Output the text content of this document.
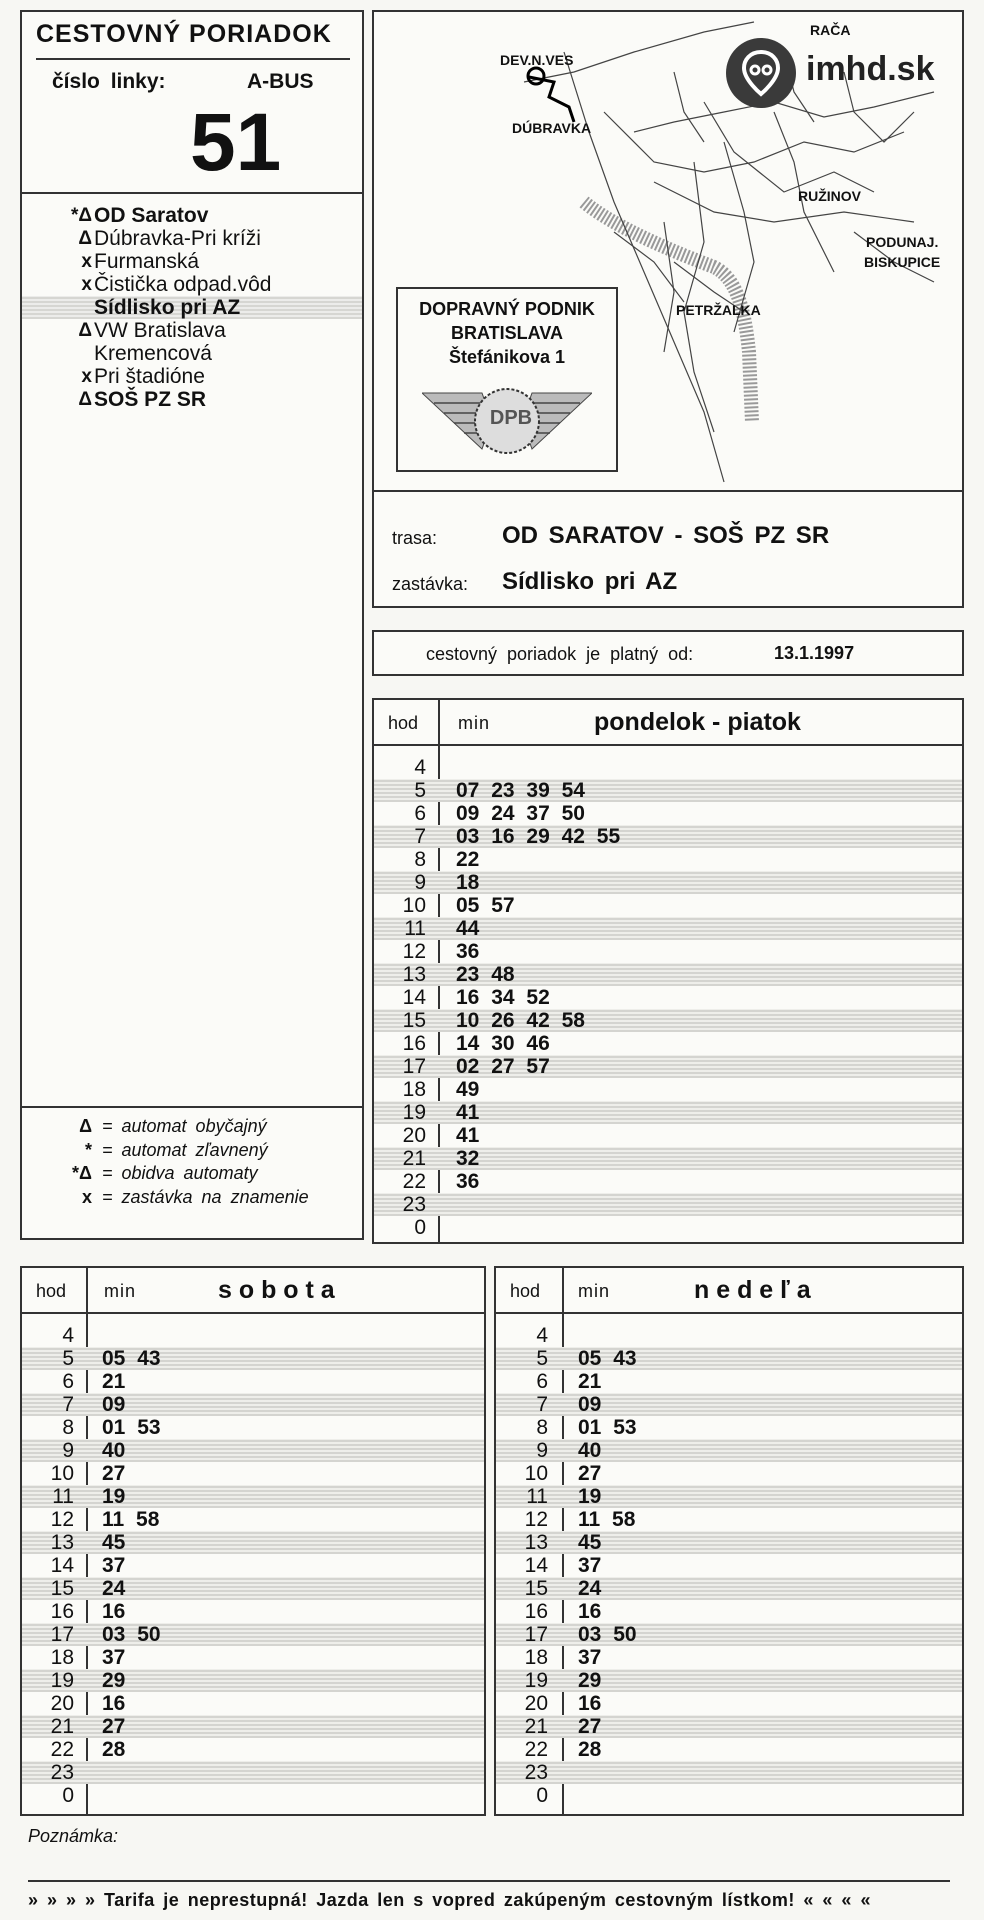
CESTOVNÝ PORIADOK
číslo linky:	A-BUS
51
*Δ OD Saratov
Δ Dúbravka-Pri kríži
x Furmanská
x Čistička odpad.vôd
Sídlisko pri AZ
Δ VW Bratislava
Kremencová
x Pri štadióne
Δ SOŠ PZ SR
Δ = automat obyčajný
* = automat zľavnený
*Δ = obidva automaty
x = zastávka na znamenie
RAČA
DEV.N.VES
DÚBRAVKA
RUŽINOV
PODUNAJ.
BISKUPICE
PETRŽALKA
DOPRAVNÝ PODNIK
BRATISLAVA
Štefánikova 1
DPB
imhd.sk
trasa:	OD SARATOV - SOŠ PZ SR
zastávka: Sídlisko pri AZ
cestovný poriadok je platný od:	13.1.1997
hod min	pondelok - piatok
4
5 07 23 39 54
6 09 24 37 50
7 03 16 29 42 55
8 22
9 18
10 05 57
11 44
12 36
13 23 48
14 16 34 52
15 10 26 42 58
16 14 30 46
17 02 27 57
18 49
19 41
20 41
21 32
22 36
23
0
hod min	s o b o t a
4
5 05 43
6 21
7 09
8 01 53
9 40
10 27
11 19
12 11 58
13 45
14 37
15 24
16 16
17 03 50
18 37
19 29
20 16
21 27
22 28
23
0
hod min	n e d e ľ a
4
5 05 43
6 21
7 09
8 01 53
9 40
10 27
11 19
12 11 58
13 45
14 37
15 24
16 16
17 03 50
18 37
19 29
20 16
21 27
22 28
23
0
Poznámka:
» » » » Tarifa je neprestupná! Jazda len s vopred zakúpeným cestovným lístkom! « « « «
